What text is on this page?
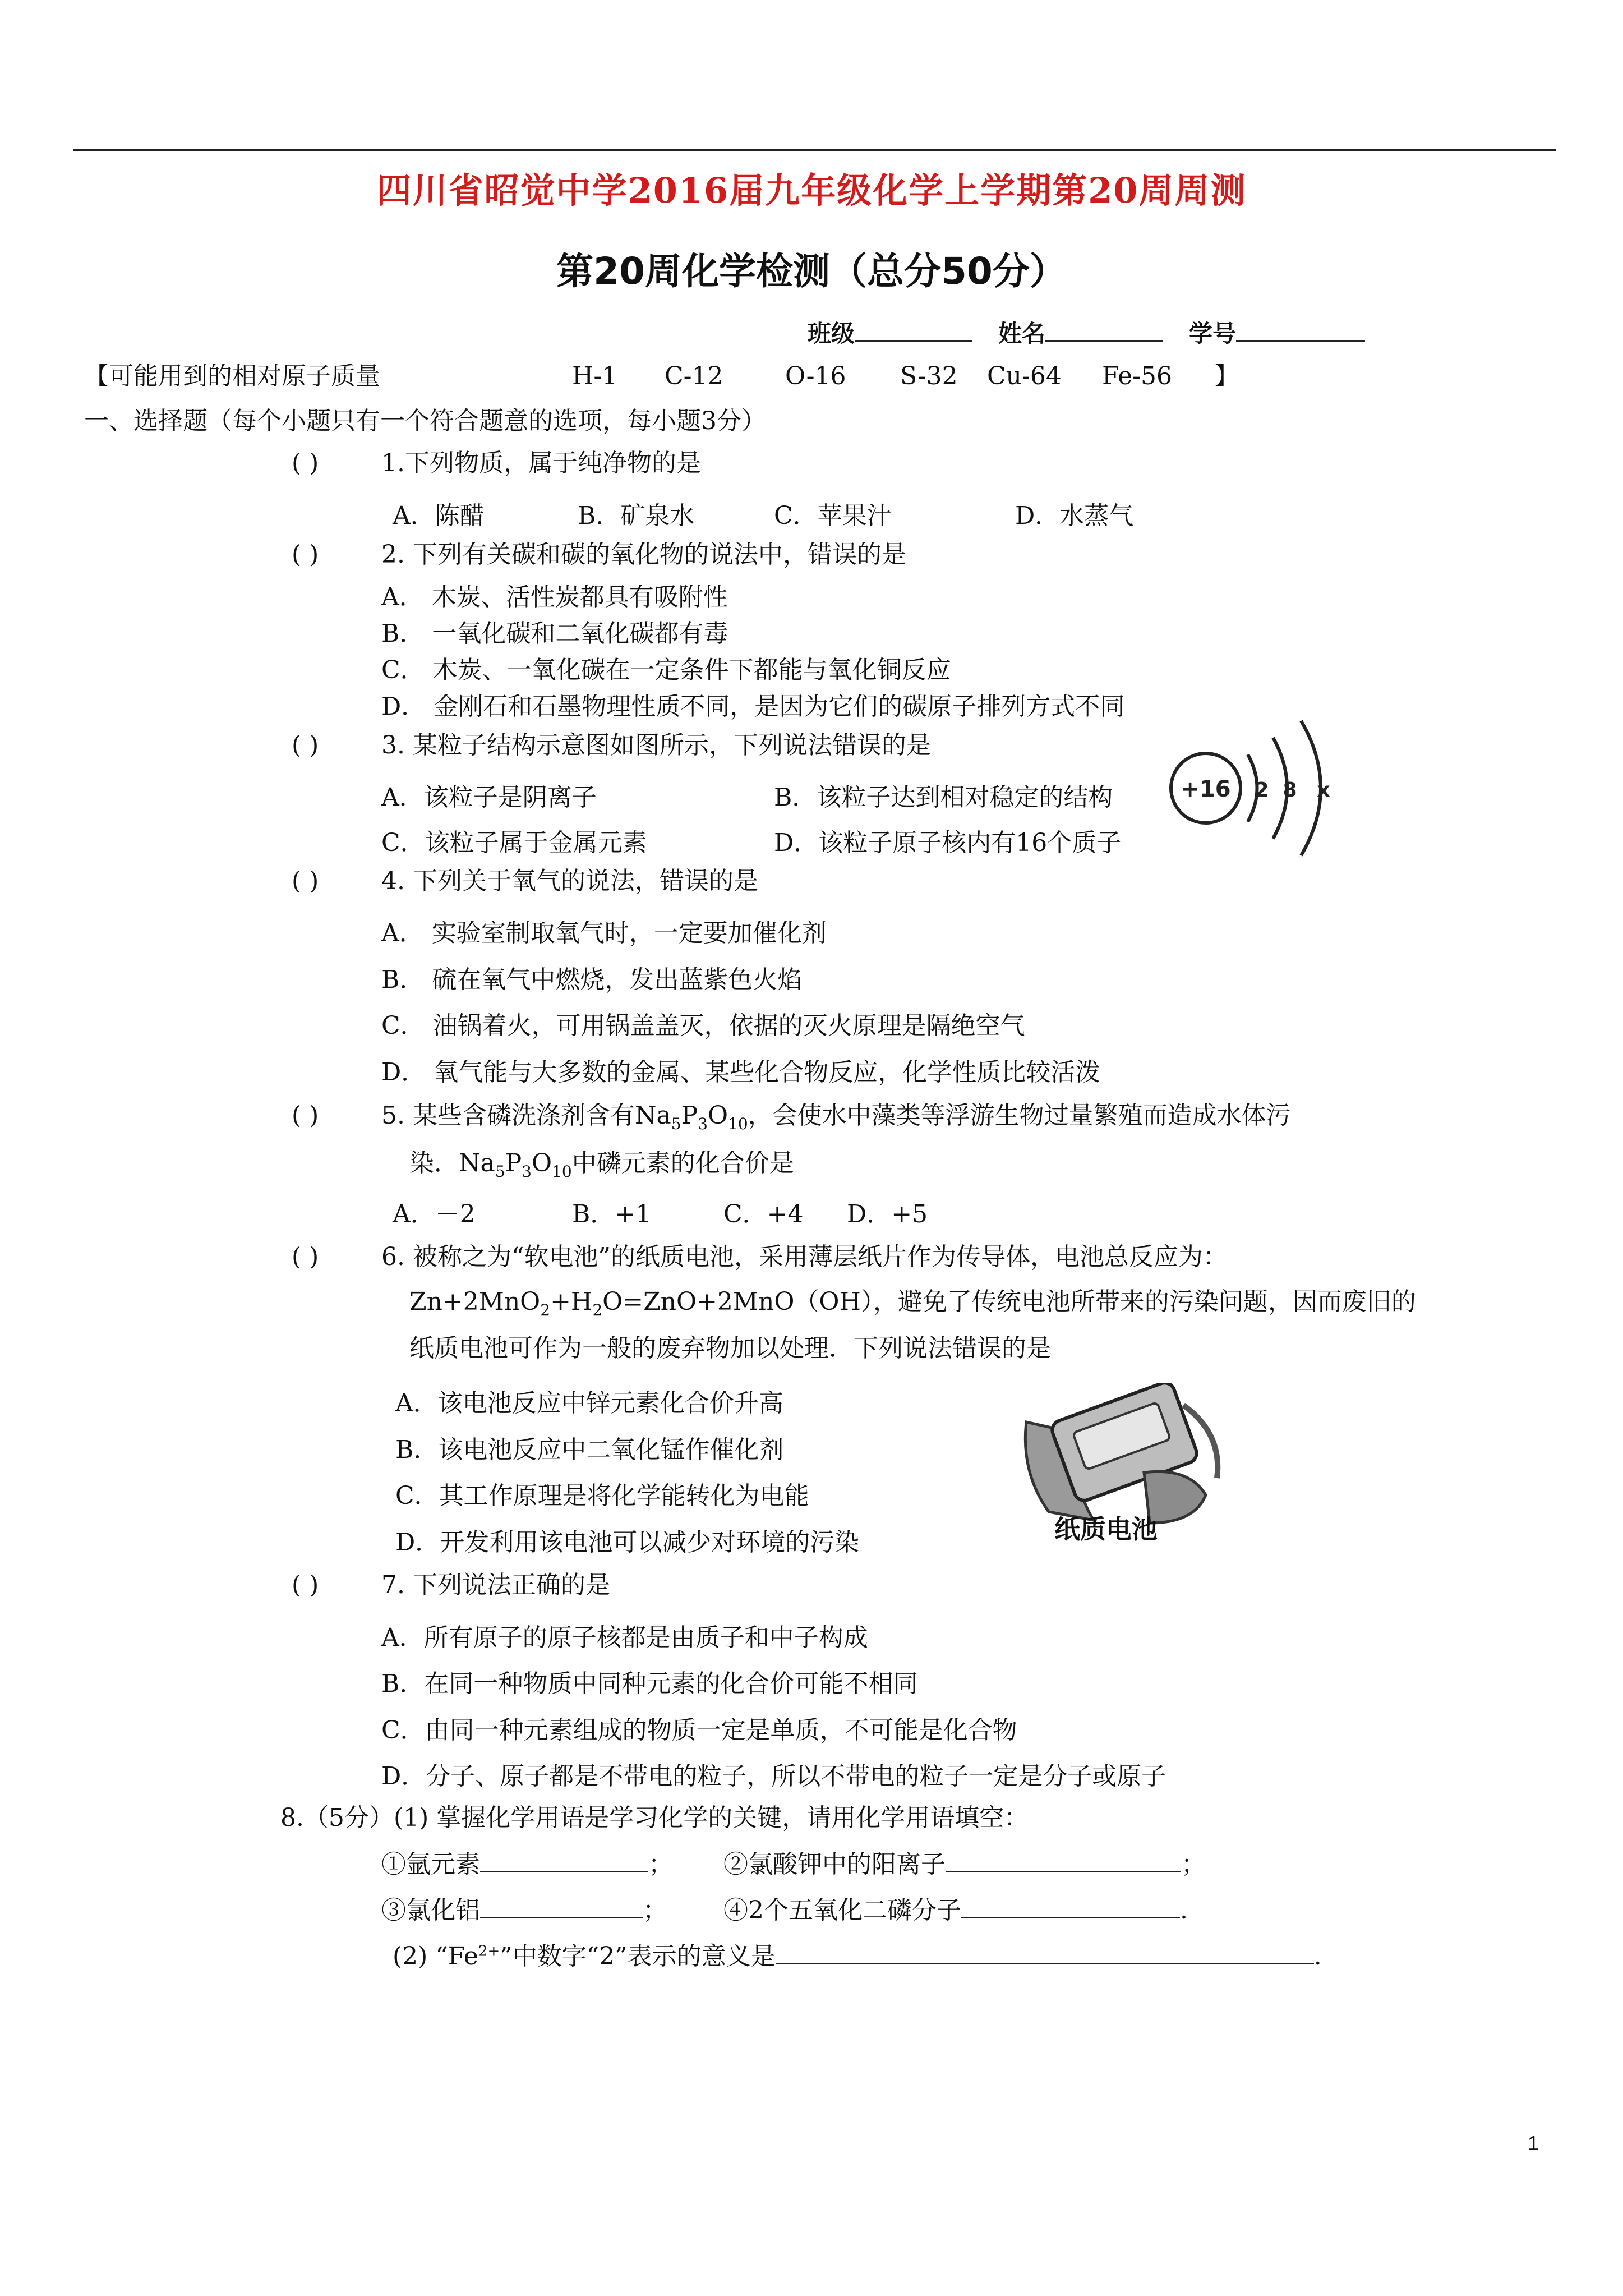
四川省昭觉中学2016届九年级化学上学期第20周周测
第20周化学检测（总分50分）
班级	姓名	学号
【可能用到的相对原子质量	H-1 C-12	O-16 S-32 Cu-64 Fe-56 】
一、选择题（每个小题只有一个符合题意的选项，每小题3分）
( )	1.下列物质，属于纯净物的是
A．陈醋	B．矿泉水	C．苹果汁	D．水蒸气
( )	2. 下列有关碳和碳的氧化物的说法中，错误的是
A． 木炭、活性炭都具有吸附性
B． 一氧化碳和二氧化碳都有毒
C． 木炭、一氧化碳在一定条件下都能与氧化铜反应
D． 金刚石和石墨物理性质不同，是因为它们的碳原子排列方式不同
( )	3. 某粒子结构示意图如图所示，下列说法错误的是
A．该粒子是阴离子	B．该粒子达到相对稳定的结构
C．该粒子属于金属元素	D．该粒子原子核内有16个质子
+16 2 8 x
( )	4. 下列关于氧气的说法，错误的是
A． 实验室制取氧气时，一定要加催化剂
B． 硫在氧气中燃烧，发出蓝紫色火焰
C． 油锅着火，可用锅盖盖灭，依据的灭火原理是隔绝空气
D． 氧气能与大多数的金属、某些化合物反应，化学性质比较活泼
( )	5. 某些含磷洗涤剂含有$Na_5P_3O_{10}$，会使水中藻类等浮游生物过量繁殖而造成水体污
染．$Na_5P_3O_{10}$中磷元素的化合价是
A．－2	B．+1	C．+4 D．+5
( )	6. 被称之为“软电池”的纸质电池，采用薄层纸片作为传导体，电池总反应为：
$Zn+2MnO_2+H_2O=ZnO+2MnO(OH)$，避免了传统电池所带来的污染问题，因而废旧的
纸质电池可作为一般的废弃物加以处理．下列说法错误的是
A．该电池反应中锌元素化合价升高
B．该电池反应中二氧化锰作催化剂
C．其工作原理是将化学能转化为电能
D．开发利用该电池可以减少对环境的污染	纸质电池
( )	7. 下列说法正确的是
A．所有原子的原子核都是由质子和中子构成
B．在同一种物质中同种元素的化合价可能不相同
C．由同一种元素组成的物质一定是单质，不可能是化合物
D．分子、原子都是不带电的粒子，所以不带电的粒子一定是分子或原子
8.（5分）(1) 掌握化学用语是学习化学的关键，请用化学用语填空：
①氩元素	； ②氯酸钾中的阳离子	；
③氯化铝	； ④2个五氧化二磷分子	.
(2) “$Fe^{2+}$”中数字“2”表示的意义是	.
1
